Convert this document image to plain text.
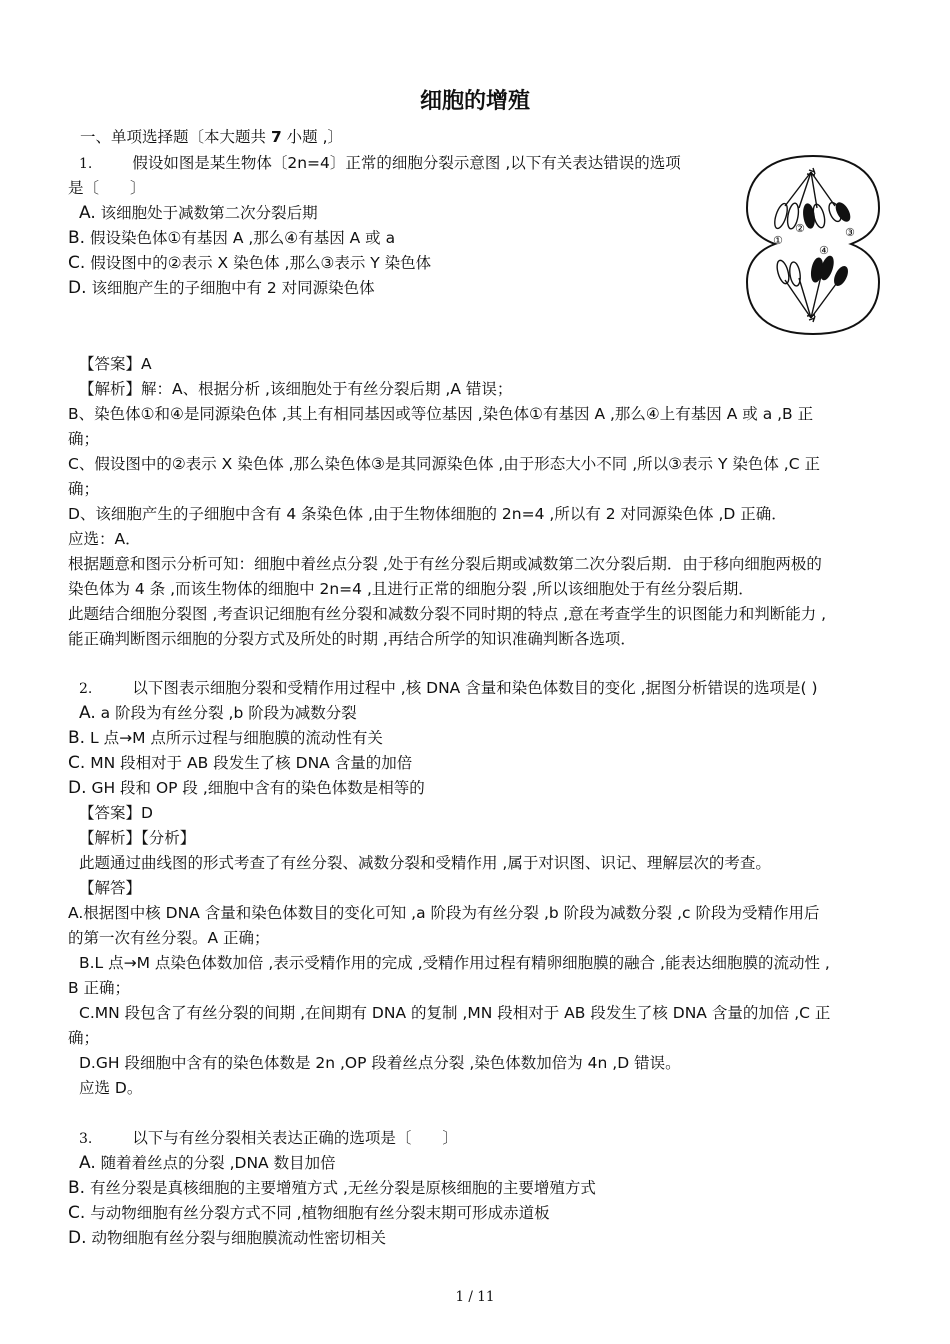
细胞的增殖
一、单项选择题〔本大题共 7 小题 ,〕
1.	假设如图是某生物体〔2n=4〕正常的细胞分裂示意图 ,以下有关表达错误的选项
是〔　　〕
A. 该细胞处于减数第二次分裂后期
B. 假设染色体①有基因 A ,那么④有基因 A 或 a
C. 假设图中的②表示 X 染色体 ,那么③表示 Y 染色体
D. 该细胞产生的子细胞中有 2 对同源染色体
①
②	③
④
【答案】A
【解析】解：A、根据分析 ,该细胞处于有丝分裂后期 ,A 错误；
B、染色体①和④是同源染色体 ,其上有相同基因或等位基因 ,染色体①有基因 A ,那么④上有基因 A 或 a ,B 正
确；
C、假设图中的②表示 X 染色体 ,那么染色体③是其同源染色体 ,由于形态大小不同 ,所以③表示 Y 染色体 ,C 正
确；
D、该细胞产生的子细胞中含有 4 条染色体 ,由于生物体细胞的 2n=4 ,所以有 2 对同源染色体 ,D 正确．
应选：A．
根据题意和图示分析可知：细胞中着丝点分裂 ,处于有丝分裂后期或减数第二次分裂后期．由于移向细胞两极的
染色体为 4 条 ,而该生物体的细胞中 2n=4 ,且进行正常的细胞分裂 ,所以该细胞处于有丝分裂后期．
此题结合细胞分裂图 ,考查识记细胞有丝分裂和减数分裂不同时期的特点 ,意在考查学生的识图能力和判断能力 ,
能正确判断图示细胞的分裂方式及所处的时期 ,再结合所学的知识准确判断各选项．
2.	以下图表示细胞分裂和受精作用过程中 ,核 DNA 含量和染色体数目的变化 ,据图分析错误的选项是( )
A. a 阶段为有丝分裂 ,b 阶段为减数分裂
B. L 点→M 点所示过程与细胞膜的流动性有关
C. MN 段相对于 AB 段发生了核 DNA 含量的加倍
D. GH 段和 OP 段 ,细胞中含有的染色体数是相等的
【答案】D
【解析】【分析】
此题通过曲线图的形式考查了有丝分裂、减数分裂和受精作用 ,属于对识图、识记、理解层次的考查。
【解答】
A.根据图中核 DNA 含量和染色体数目的变化可知 ,a 阶段为有丝分裂 ,b 阶段为减数分裂 ,c 阶段为受精作用后
的第一次有丝分裂。A 正确；
B.L 点→M 点染色体数加倍 ,表示受精作用的完成 ,受精作用过程有精卵细胞膜的融合 ,能表达细胞膜的流动性 ,
B 正确；
C.MN 段包含了有丝分裂的间期 ,在间期有 DNA 的复制 ,MN 段相对于 AB 段发生了核 DNA 含量的加倍 ,C 正
确；
D.GH 段细胞中含有的染色体数是 2n ,OP 段着丝点分裂 ,染色体数加倍为 4n ,D 错误。
应选 D。
3.	以下与有丝分裂相关表达正确的选项是〔　　〕
A. 随着着丝点的分裂 ,DNA 数目加倍
B. 有丝分裂是真核细胞的主要增殖方式 ,无丝分裂是原核细胞的主要增殖方式
C. 与动物细胞有丝分裂方式不同 ,植物细胞有丝分裂末期可形成赤道板
D. 动物细胞有丝分裂与细胞膜流动性密切相关
1 / 11
